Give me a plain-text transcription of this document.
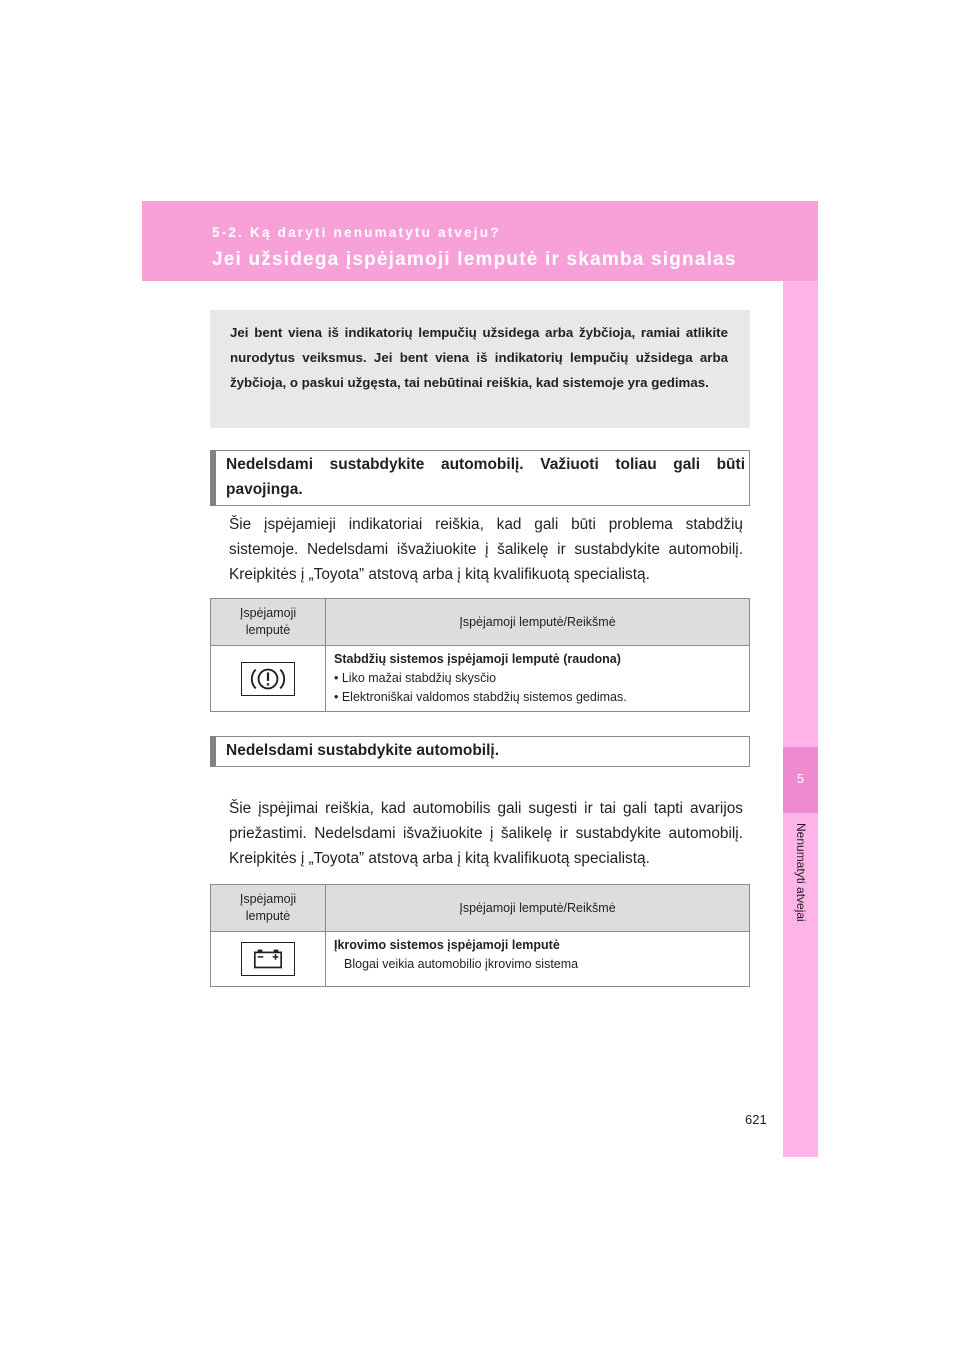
5-2. Ką daryti nenumatytu atveju?
Jei užsidega įspėjamoji lemputė ir skamba signalas
5
Nenumatyti atvejai
Jei bent viena iš indikatorių lempučių užsidega arba žybčioja, ramiai atlikite nurodytus veiksmus. Jei bent viena iš indikatorių lempučių užsidega arba žybčioja, o paskui užgęsta, tai nebūtinai reiškia, kad sistemoje yra gedimas.
Nedelsdami sustabdykite automobilį. Važiuoti toliau gali būti pavojinga.
Šie įspėjamieji indikatoriai reiškia, kad gali būti problema stabdžių sistemoje. Nedelsdami išvažiuokite į šalikelę ir sustabdykite automobilį. Kreipkitės į „Toyota” atstovą arba į kitą kvalifikuotą specialistą.
Įspėjamoji lemputė	Įspėjamoji lemputė/Reikšmė

Stabdžių sistemos įspėjamoji lemputė (raudona)
• Liko mažai stabdžių skysčio
• Elektroniškai valdomos stabdžių sistemos gedimas.
Nedelsdami sustabdykite automobilį.
Šie įspėjimai reiškia, kad automobilis gali sugesti ir tai gali tapti avarijos priežastimi. Nedelsdami išvažiuokite į šalikelę ir sustabdykite automobilį. Kreipkitės į „Toyota” atstovą arba į kitą kvalifikuotą specialistą.
Įspėjamoji lemputė	Įspėjamoji lemputė/Reikšmė

Įkrovimo sistemos įspėjamoji lemputė
Blogai veikia automobilio įkrovimo sistema
621
